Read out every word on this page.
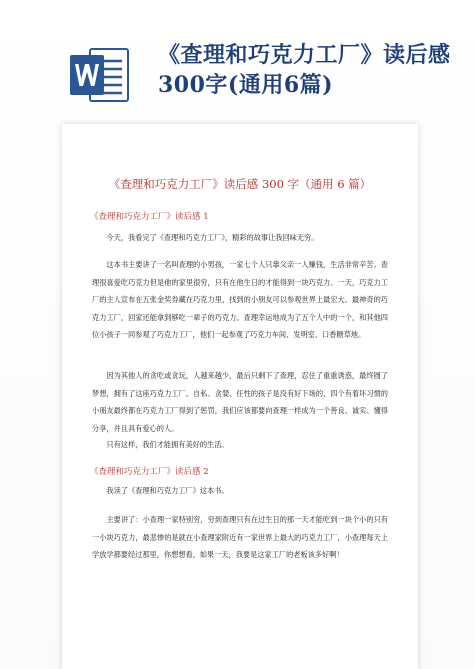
《查理和巧克力工厂》读后感
300字(通用6篇)
《查理和巧克力工厂》读后感 300 字（通用 6 篇）
《查理和巧克力工厂》读后感 1
今天，我看完了《查理和巧克力工厂》，精彩的故事让我回味无穷。
这本书主要讲了一名叫查理的小男孩，一家七个人只靠父亲一人赚钱，生活非常辛苦。查理很喜爱吃巧克力但是他的家里很穷，只有在他生日的才能得到一块巧克力。一天，巧克力工厂的主人宣布在五张金奖券藏在巧克力里，找到的小朋友可以参观世界上最宏大、最神奇的巧克力工厂，回家还能拿到够吃一辈子的巧克力。查理幸运地成为了五个人中的一个，和其他四位小孩子一同参观了巧克力工厂，他们一起参观了巧克力车间、发明室、口香糖草地。
因为其他人的贪吃或贪玩，人越来越少，最后只剩下了查理，忍住了重重诱惑，最终圆了梦想，拥有了这座巧克力工厂。自私、贪婪、任性的孩子是没有好下场的，四个有着坏习惯的小朋友最终都在巧克力工厂得到了惩罚，我们应该都要向查理一样成为一个善良、诚实、懂得分享，并且具有爱心的人。
只有这样，我们才能拥有美好的生活。
《查理和巧克力工厂》读后感 2
我读了《查理和巧克力工厂》这本书。
主要讲了：小查理一家特别穷，穷到查理只有在过生日的那一天才能吃到一块个小的只有一小块巧克力，最悲惨的是就在小查理家附近有一家世界上最大的巧克力工厂，小查理每天上学放学都要经过那里，你想想看，如果一天，我要是这家工厂的老板该多好啊！
